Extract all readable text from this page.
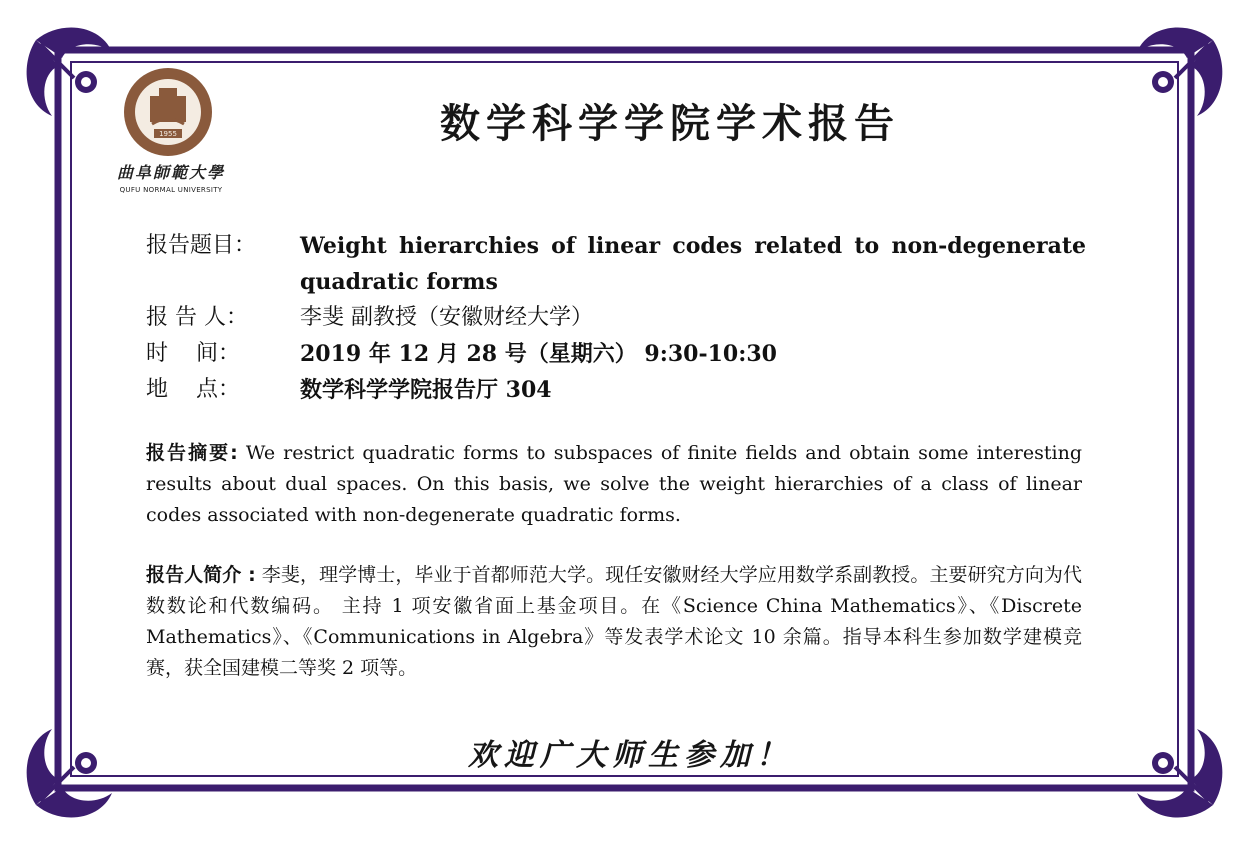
1955
曲阜師範大學
QUFU NORMAL UNIVERSITY
数学科学学院学术报告
报告题目：	Weight hierarchies of linear codes related to non-degenerate
quadratic forms
报 告 人：	李斐 副教授（安徽财经大学）
时    间：	2019 年 12 月 28 号（星期六） 9:30-10:30
地    点：	数学科学学院报告厅 304
报告摘要: We restrict quadratic forms to subspaces of finite fields and obtain some interesting results about dual spaces. On this basis, we solve the weight hierarchies of a class of linear codes associated with non-degenerate quadratic forms.
报告人简介 : 李斐，理学博士，毕业于首都师范大学。现任安徽财经大学应用数学系副教授。主要研究方向为代数数论和代数编码。 主持 1 项安徽省面上基金项目。在《Science China Mathematics》、《Discrete Mathematics》、《Communications in Algebra》等发表学术论文 10 余篇。指导本科生参加数学建模竞赛，获全国建模二等奖 2 项等。
欢迎广大师生参加！
